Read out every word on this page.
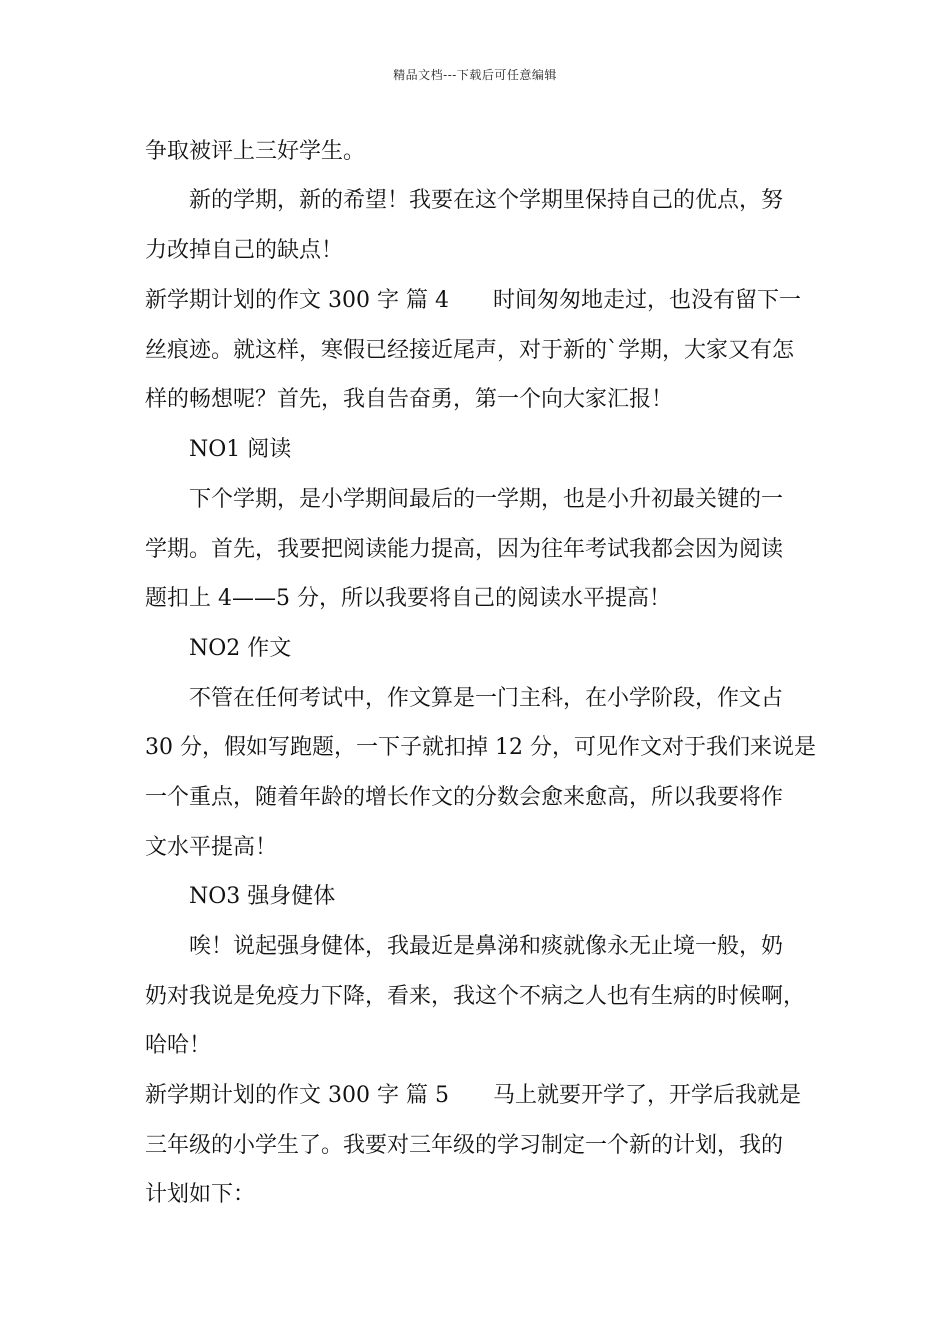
精品文档---下载后可任意编辑
争取被评上三好学生。
新的学期，新的希望！我要在这个学期里保持自己的优点，努
力改掉自己的缺点！
新学期计划的作文 300 字 篇 4 时间匆匆地走过，也没有留下一
丝痕迹。就这样，寒假已经接近尾声，对于新的`学期，大家又有怎
样的畅想呢？首先，我自告奋勇，第一个向大家汇报！
NO1 阅读
下个学期，是小学期间最后的一学期，也是小升初最关键的一
学期。首先，我要把阅读能力提高，因为往年考试我都会因为阅读
题扣上 4——5 分，所以我要将自己的阅读水平提高！
NO2 作文
不管在任何考试中，作文算是一门主科，在小学阶段，作文占
30 分，假如写跑题，一下子就扣掉 12 分，可见作文对于我们来说是
一个重点，随着年龄的增长作文的分数会愈来愈高，所以我要将作
文水平提高！
NO3 强身健体
唉！说起强身健体，我最近是鼻涕和痰就像永无止境一般，奶
奶对我说是免疫力下降，看来，我这个不病之人也有生病的时候啊，
哈哈！
新学期计划的作文 300 字 篇 5 马上就要开学了，开学后我就是
三年级的小学生了。我要对三年级的学习制定一个新的计划，我的
计划如下：
